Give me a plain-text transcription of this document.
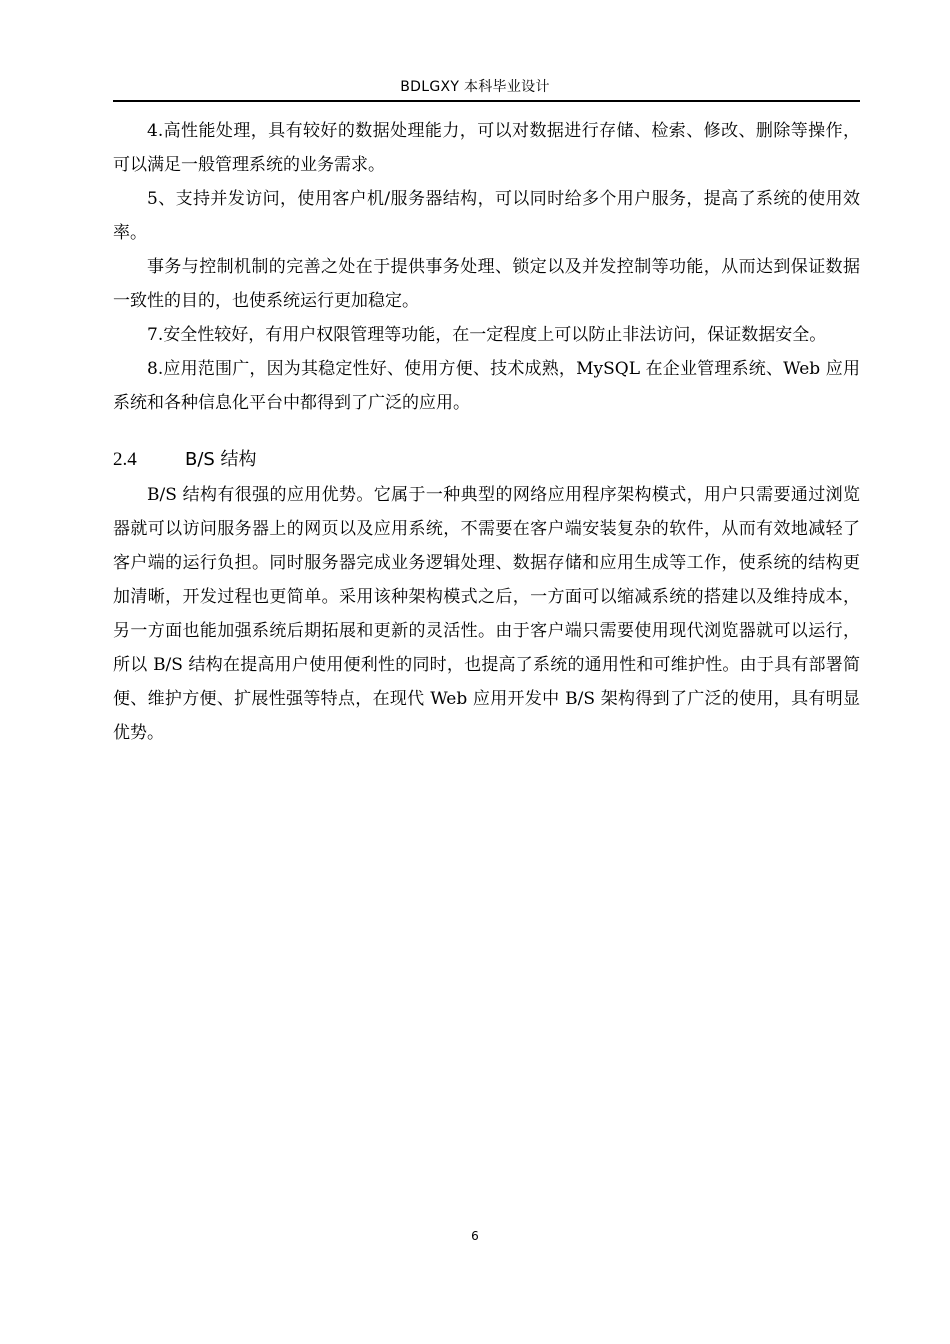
BDLGXY 本科毕业设计

4.高性能处理，具有较好的数据处理能力，可以对数据进行存储、检索、修改、删除等操作，可以满足一般管理系统的业务需求。

5、支持并发访问，使用客户机/服务器结构，可以同时给多个用户服务，提高了系统的使用效率。

事务与控制机制的完善之处在于提供事务处理、锁定以及并发控制等功能，从而达到保证数据一致性的目的，也使系统运行更加稳定。

7.安全性较好，有用户权限管理等功能，在一定程度上可以防止非法访问，保证数据安全。

8.应用范围广，因为其稳定性好、使用方便、技术成熟，MySQL 在企业管理系统、Web 应用系统和各种信息化平台中都得到了广泛的应用。

2.4	B/S 结构

B/S 结构有很强的应用优势。它属于一种典型的网络应用程序架构模式，用户只需要通过浏览器就可以访问服务器上的网页以及应用系统，不需要在客户端安装复杂的软件，从而有效地减轻了客户端的运行负担。同时服务器完成业务逻辑处理、数据存储和应用生成等工作，使系统的结构更加清晰，开发过程也更简单。采用该种架构模式之后，一方面可以缩减系统的搭建以及维持成本，另一方面也能加强系统后期拓展和更新的灵活性。由于客户端只需要使用现代浏览器就可以运行，所以 B/S 结构在提高用户使用便利性的同时，也提高了系统的通用性和可维护性。由于具有部署简便、维护方便、扩展性强等特点，在现代 Web 应用开发中 B/S 架构得到了广泛的使用，具有明显优势。

6
